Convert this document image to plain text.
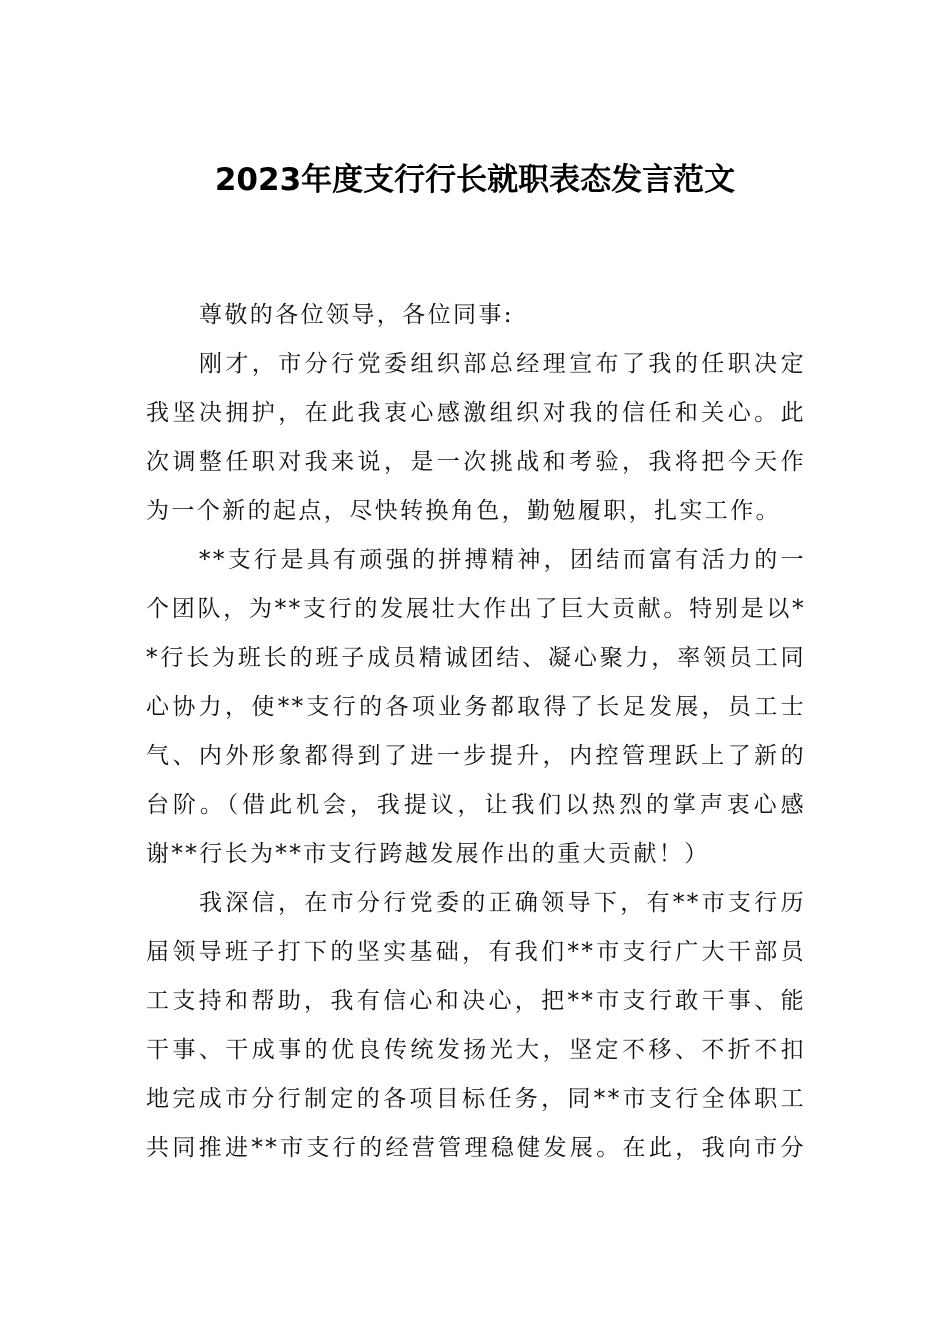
2023年度支行行长就职表态发言范文
尊敬的各位领导，各位同事:
刚才，市分行党委组织部总经理宣布了我的任职决定
我坚决拥护，在此我衷心感激组织对我的信任和关心。此
次调整任职对我来说，是一次挑战和考验，我将把今天作
为一个新的起点，尽快转换角色，勤勉履职，扎实工作。
**支行是具有顽强的拼搏精神，团结而富有活力的一
个团队，为**支行的发展壮大作出了巨大贡献。特别是以*
*行长为班长的班子成员精诚团结、凝心聚力，率领员工同
心协力，使**支行的各项业务都取得了长足发展，员工士
气、内外形象都得到了进一步提升，内控管理跃上了新的
台阶。（借此机会，我提议，让我们以热烈的掌声衷心感
谢**行长为**市支行跨越发展作出的重大贡献！）
我深信，在市分行党委的正确领导下，有**市支行历
届领导班子打下的坚实基础，有我们**市支行广大干部员
工支持和帮助，我有信心和决心，把**市支行敢干事、能
干事、干成事的优良传统发扬光大，坚定不移、不折不扣
地完成市分行制定的各项目标任务，同**市支行全体职工
共同推进**市支行的经营管理稳健发展。在此，我向市分
